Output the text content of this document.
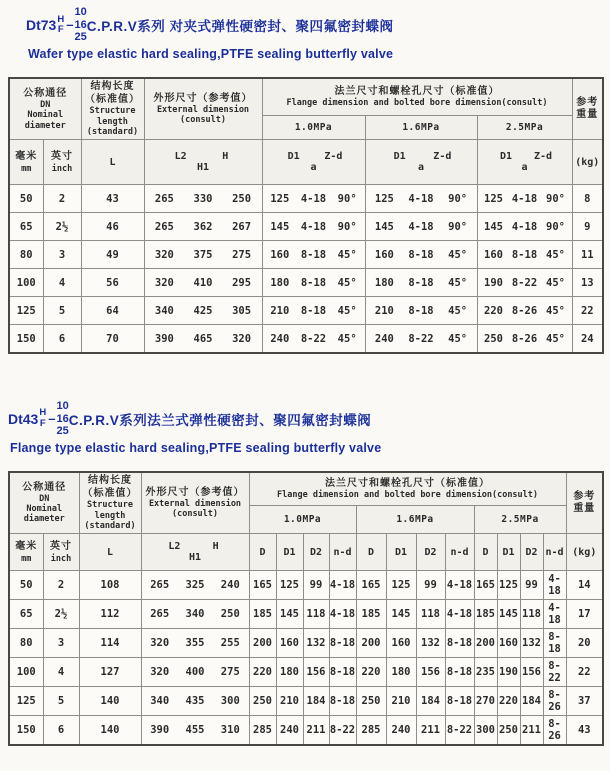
Dt73 H
F –
10
16
25
C.P.R.V系列 对夹式弹性硬密封、聚四氟密封蝶阀
Wafer type elastic hard sealing,PTFE sealing butterfly valve
公称通径
DN
Nominal
diameter		结构长度
（标准值）
Structure
length
(standard)	外形尺寸（参考值）
External dimension
(consult)	法兰尺寸和螺栓孔尺寸（标准值）
Flange dimension and bolted bore dimension(consult)			参考
重量

				1.0MPa	1.6MPa	2.5MPa	

毫米
mm	英寸
inch	L	L2 H H1	D1 Z-d a	D1 Z-d a	D1 Z-d a	(kg)
50	2	43	265 330 250	125 4-18 90°	125 4-18 90°	125 4-18 90°	8
65	2½	46	265 362 267	145 4-18 90°	145 4-18 90°	145 4-18 90°	9
80	3	49	320 375 275	160 8-18 45°	160 8-18 45°	160 8-18 45°	11
100	4	56	320 410 295	180 8-18 45°	180 8-18 45°	190 8-22 45°	13
125	5	64	340 425 305	210 8-18 45°	210 8-18 45°	220 8-26 45°	22
150	6	70	390 465 320	240 8-22 45°	240 8-22 45°	250 8-26 45°	24
Dt43 H
F –
10
16
25
C.P.R.V系列法兰式弹性硬密封、聚四氟密封蝶阀
Flange type elastic hard sealing,PTFE sealing butterfly valve
公称通径
DN
Nominal
diameter		结构长度
（标准值）
Structure
length
(standard)	外形尺寸（参考值）
External dimension
(consult)	法兰尺寸和螺栓孔尺寸（标准值）
Flange dimension and bolted bore dimension(consult)												参考
重量

				1.0MPa				1.6MPa				2.5MPa				

毫米
mm	英寸
inch	L	L2 H H1	D	D1	D2	n-d	D	D1	D2	n-d	D	D1	D2	n-d	(kg)
50	2	108	265 325 240	165	125	99	4-18	165	125	99	4-18	165	125	99	4-18	14
65	2½	112	265 340 250	185	145	118	4-18	185	145	118	4-18	185	145	118	4-18	17
80	3	114	320 355 255	200	160	132	8-18	200	160	132	8-18	200	160	132	8-18	20
100	4	127	320 400 275	220	180	156	8-18	220	180	156	8-18	235	190	156	8-22	22
125	5	140	340 435 300	250	210	184	8-18	250	210	184	8-18	270	220	184	8-26	37
150	6	140	390 455 310	285	240	211	8-22	285	240	211	8-22	300	250	211	8-26	43
